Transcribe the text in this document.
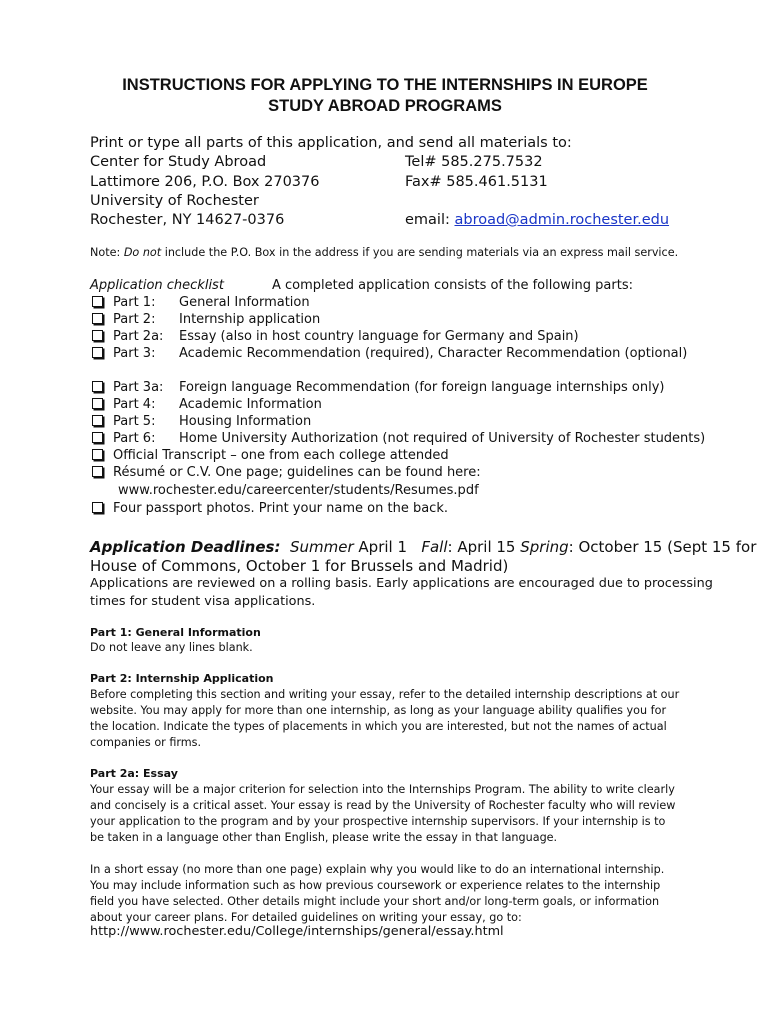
INSTRUCTIONS FOR APPLYING TO THE INTERNSHIPS IN EUROPE
STUDY ABROAD PROGRAMS
Print or type all parts of this application, and send all materials to:
Center for Study Abroad
Lattimore 206, P.O. Box 270376
University of Rochester
Rochester, NY 14627-0376
Tel# 585.275.7532
Fax# 585.461.5131
email: abroad@admin.rochester.edu
Note: Do not include the P.O. Box in the address if you are sending materials via an express mail service.
Application checklist	A completed application consists of the following parts:
Part 1: General Information
Part 2: Internship application
Part 2a: Essay (also in host country language for Germany and Spain)
Part 3: Academic Recommendation (required), Character Recommendation (optional)
Part 3a: Foreign language Recommendation (for foreign language internships only)
Part 4: Academic Information
Part 5: Housing Information
Part 6: Home University Authorization (not required of University of Rochester students)
Official Transcript – one from each college attended
Résumé or C.V. One page; guidelines can be found here:
www.rochester.edu/careercenter/students/Resumes.pdf
Four passport photos. Print your name on the back.
Application Deadlines: Summer April 1 Fall: April 15 Spring: October 15 (Sept 15 for
House of Commons, October 1 for Brussels and Madrid)
Applications are reviewed on a rolling basis. Early applications are encouraged due to processing
times for student visa applications.
Part 1: General Information
Do not leave any lines blank.
Part 2: Internship Application
Before completing this section and writing your essay, refer to the detailed internship descriptions at our website. You may apply for more than one internship, as long as your language ability qualifies you for the location. Indicate the types of placements in which you are interested, but not the names of actual companies or firms.
Part 2a: Essay
Your essay will be a major criterion for selection into the Internships Program. The ability to write clearly and concisely is a critical asset. Your essay is read by the University of Rochester faculty who will review your application to the program and by your prospective internship supervisors. If your internship is to be taken in a language other than English, please write the essay in that language.
In a short essay (no more than one page) explain why you would like to do an international internship. You may include information such as how previous coursework or experience relates to the internship field you have selected. Other details might include your short and/or long-term goals, or information about your career plans. For detailed guidelines on writing your essay, go to:
http://www.rochester.edu/College/internships/general/essay.html
